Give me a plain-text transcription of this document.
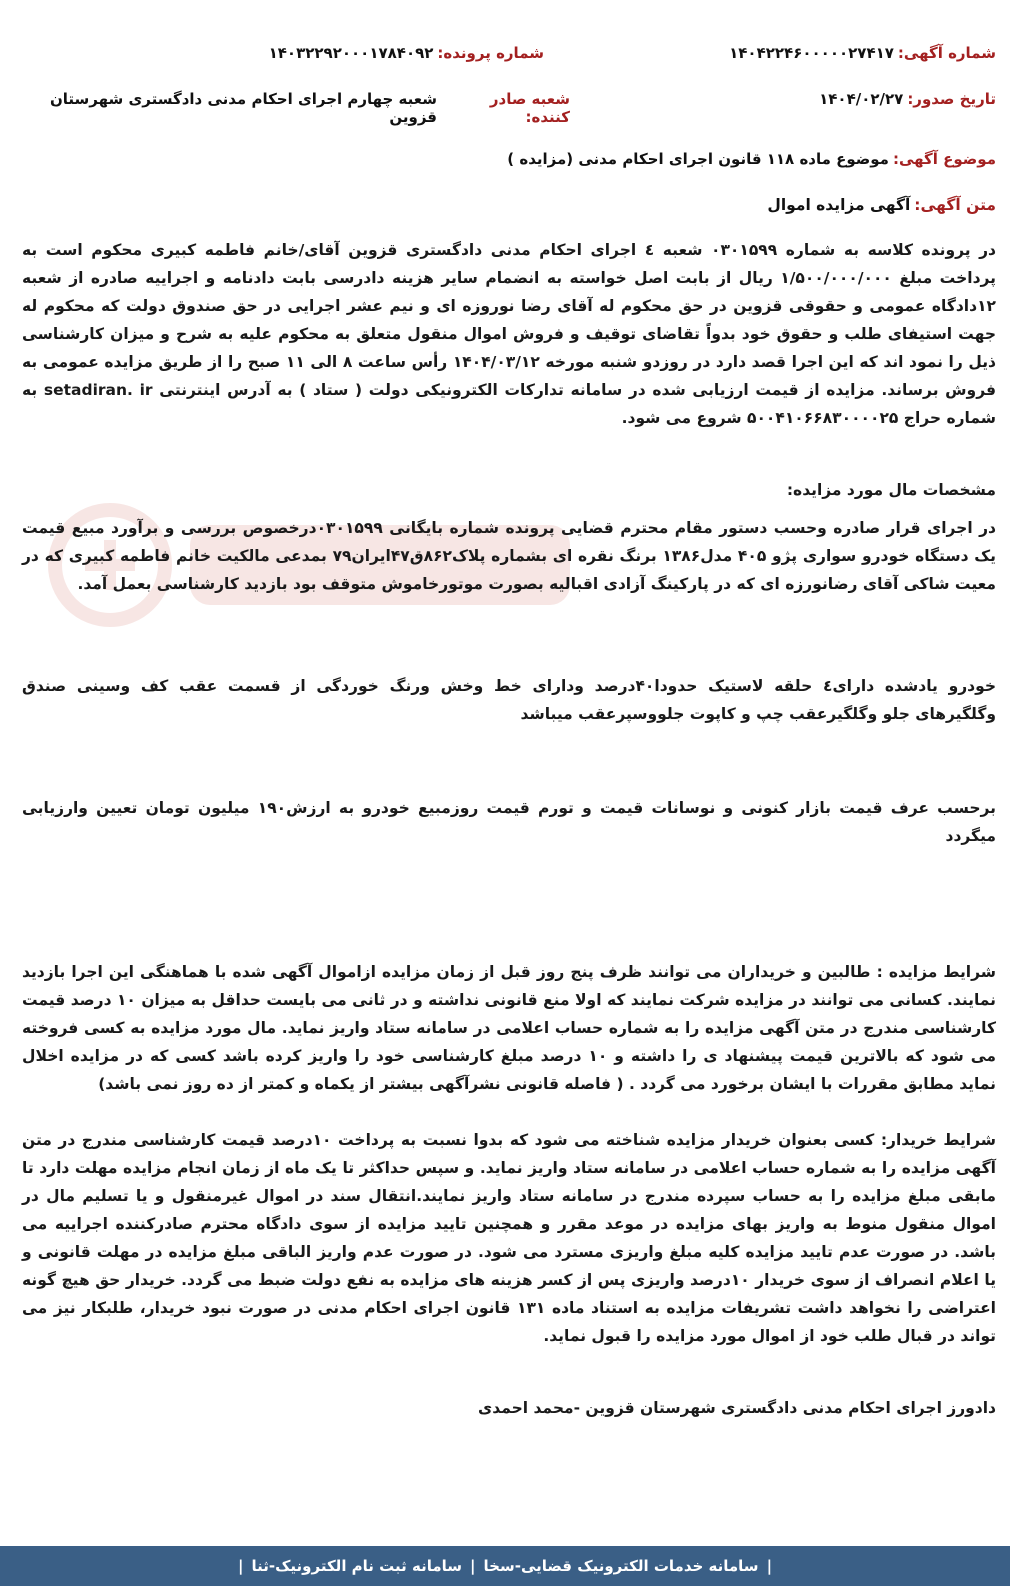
شماره آگهی:
۱۴۰۴۲۲۴۶۰۰۰۰۰۲۷۴۱۷
شماره پرونده:
۱۴۰۳۲۲۹۲۰۰۰۱۷۸۴۰۹۲
تاریخ صدور:
۱۴۰۴/۰۲/۲۷
شعبه صادر کننده:
شعبه چهارم اجرای احکام مدنی دادگستری شهرستان قزوین
موضوع آگهی:
موضوع ماده ۱۱۸ قانون اجرای احکام مدنی (مزایده )
متن آگهی:
آگهی مزایده اموال
در پرونده کلاسه به شماره ۰۳۰۱۵۹۹ شعبه ٤ اجرای احکام مدنی دادگستری قزوین آقای/خانم فاطمه کبیری محکوم است به پرداخت مبلغ ۱/۵۰۰/۰۰۰/۰۰۰ ریال از بابت اصل خواسته به انضمام سایر هزینه دادرسی بابت دادنامه و اجراییه صادره از شعبه ۱۲دادگاه عمومی و حقوقی قزوین در حق محکوم له آقای رضا نوروزه ای و نیم عشر اجرایی در حق صندوق دولت که محکوم له جهت استیفای طلب و حقوق خود بدواً تقاضای توقیف و فروش اموال منقول متعلق به محکوم علیه به شرح و میزان کارشناسی ذیل را نمود اند که این اجرا قصد دارد در روزدو شنبه مورخه ۱۴۰۴/۰۳/۱۲ رأس ساعت ۸ الی ۱۱ صبح را از طریق مزایده عمومی به فروش برساند. مزایده از قیمت ارزیابی شده در سامانه تدارکات الکترونیکی دولت ( ستاد ) به آدرس اینترنتی setadiran. ir به شماره حراج ۵۰۰۴۱۰۶۶۸۳۰۰۰۰۲۵ شروع می شود.
مشخصات مال مورد مزایده:
در اجرای قرار صادره وحسب دستور مقام محترم قضایی پرونده شماره بایگانی ۰۳۰۱۵۹۹درخصوص بررسی و برآورد مبیع قیمت یک دستگاه خودرو سواری پژو ۴۰۵ مدل۱۳۸۶ برنگ نقره ای بشماره پلاک۸۶۲ق۴۷ایران۷۹ بمدعی مالکیت خانم فاطمه کبیری که در معیت شاکی آقای رضانورزه ای که در پارکینگ آزادی اقبالیه بصورت موتورخاموش متوقف بود بازدید کارشناسی بعمل آمد.
خودرو یادشده دارای٤ حلقه لاستیک حدودا۴۰درصد ودارای خط وخش ورنگ خوردگی از قسمت عقب کف وسینی صندق وگلگیرهای جلو وگلگیرعقب چپ و کاپوت جلووسپرعقب میباشد
برحسب عرف قیمت بازار کنونی و نوسانات قیمت و تورم قیمت روزمبیع خودرو به ارزش۱۹۰ میلیون تومان تعیین وارزیابی میگردد
شرایط مزایده : طالبین و خریداران می توانند ظرف پنج روز قبل از زمان مزایده ازاموال آگهی شده با هماهنگی این اجرا بازدید نمایند. کسانی می توانند در مزایده شرکت نمایند که اولا منع قانونی نداشته و در ثانی می بایست حداقل به میزان ۱۰ درصد قیمت کارشناسی مندرج در متن آگهی مزایده را به شماره حساب اعلامی در سامانه ستاد واریز نماید. مال مورد مزایده به کسی فروخته می شود که بالاترین قیمت پیشنهاد ی را داشته و ۱۰ درصد مبلغ کارشناسی خود را واریز کرده باشد کسی که در مزایده اخلال نماید مطابق مقررات با ایشان برخورد می گردد . ( فاصله قانونی نشرآگهی بیشتر از یکماه و کمتر از ده روز نمی باشد)
شرایط خریدار: کسی بعنوان خریدار مزایده شناخته می شود که بدوا نسبت به پرداخت ۱۰درصد قیمت کارشناسی مندرج در متن آگهی مزایده را به شماره حساب اعلامی در سامانه ستاد واریز نماید. و سپس حداکثر تا یک ماه از زمان انجام مزایده مهلت دارد تا مابقی مبلغ مزایده را به حساب سپرده مندرج در سامانه ستاد واریز نمایند.انتقال سند در اموال غیرمنقول و یا تسلیم مال در اموال منقول منوط به واریز بهای مزایده در موعد مقرر و همچنین تایید مزایده از سوی دادگاه محترم صادرکننده اجراییه می باشد. در صورت عدم تایید مزایده کلیه مبلغ واریزی مسترد می شود. در صورت عدم واریز الباقی مبلغ مزایده در مهلت قانونی و یا اعلام انصراف از سوی خریدار ۱۰درصد واریزی پس از کسر هزینه های مزایده به نفع دولت ضبط می گردد. خریدار حق هیچ گونه اعتراضی را نخواهد داشت تشریفات مزایده به استناد ماده ۱۳۱ قانون اجرای احکام مدنی در صورت نبود خریدار، طلبکار نیز می تواند در قبال طلب خود از اموال مورد مزایده را قبول نماید.
دادورز اجرای احکام مدنی دادگستری شهرستان قزوین -محمد احمدی
|
سامانه خدمات الکترونیک قضایی-سخا
|
سامانه ثبت نام الکترونیک-ثنا
|
